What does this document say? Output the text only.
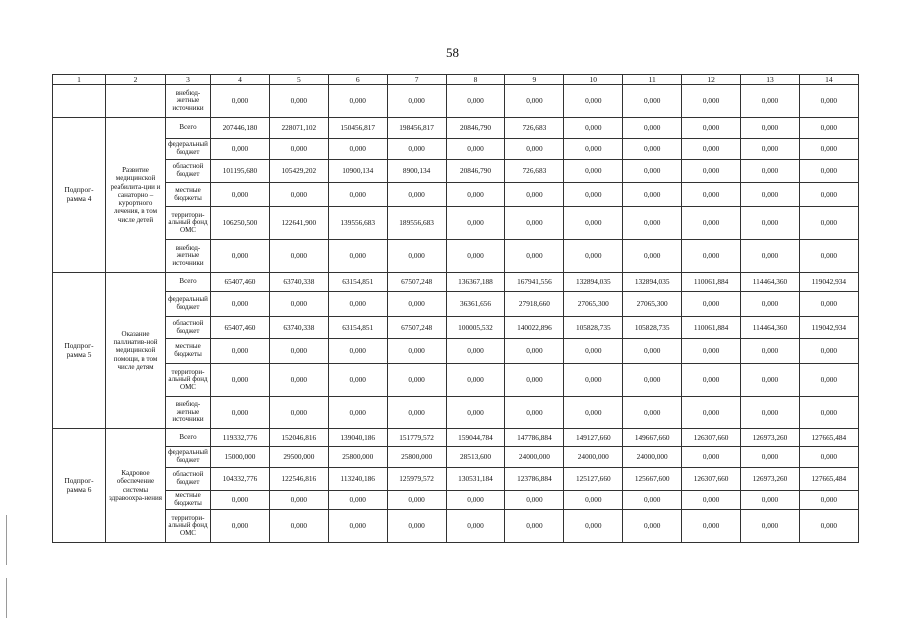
58
1	2	3	4	5	6	7	8	9	10	11	12	13	14
		внебюд-жетные источники	0,000	0,000	0,000	0,000	0,000	0,000	0,000	0,000	0,000	0,000	0,000
Подпрог-рамма 4	Развитие медицинской реабилита-ции и санаторно – курортного лечения, в том числе детей	Всего	207446,180	228071,102	150456,817	198456,817	20846,790	726,683	0,000	0,000	0,000	0,000	0,000
		федеральный бюджет	0,000	0,000	0,000	0,000	0,000	0,000	0,000	0,000	0,000	0,000	0,000
		областной бюджет	101195,680	105429,202	10900,134	8900,134	20846,790	726,683	0,000	0,000	0,000	0,000	0,000
		местные бюджеты	0,000	0,000	0,000	0,000	0,000	0,000	0,000	0,000	0,000	0,000	0,000
		территори-альный фонд ОМС	106250,500	122641,900	139556,683	189556,683	0,000	0,000	0,000	0,000	0,000	0,000	0,000
		внебюд-жетные источники	0,000	0,000	0,000	0,000	0,000	0,000	0,000	0,000	0,000	0,000	0,000
Подпрог-рамма 5	Оказание паллиатив-ной медицинской помощи, в том числе детям	Всего	65407,460	63740,338	63154,851	67507,248	136367,188	167941,556	132894,035	132894,035	110061,884	114464,360	119042,934
		федеральный бюджет	0,000	0,000	0,000	0,000	36361,656	27918,660	27065,300	27065,300	0,000	0,000	0,000
		областной бюджет	65407,460	63740,338	63154,851	67507,248	100005,532	140022,896	105828,735	105828,735	110061,884	114464,360	119042,934
		местные бюджеты	0,000	0,000	0,000	0,000	0,000	0,000	0,000	0,000	0,000	0,000	0,000
		территори-альный фонд ОМС	0,000	0,000	0,000	0,000	0,000	0,000	0,000	0,000	0,000	0,000	0,000
		внебюд-жетные источники	0,000	0,000	0,000	0,000	0,000	0,000	0,000	0,000	0,000	0,000	0,000
Подпрог-рамма 6	Кадровое обеспечение системы здравоохра-нения	Всего	119332,776	152046,816	139040,186	151779,572	159044,784	147786,884	149127,660	149667,660	126307,660	126973,260	127665,484
		федеральный бюджет	15000,000	29500,000	25800,000	25800,000	28513,600	24000,000	24000,000	24000,000	0,000	0,000	0,000
		областной бюджет	104332,776	122546,816	113240,186	125979,572	130531,184	123786,884	125127,660	125667,600	126307,660	126973,260	127665,484
		местные бюджеты	0,000	0,000	0,000	0,000	0,000	0,000	0,000	0,000	0,000	0,000	0,000
		территори-альный фонд ОМС	0,000	0,000	0,000	0,000	0,000	0,000	0,000	0,000	0,000	0,000	0,000
